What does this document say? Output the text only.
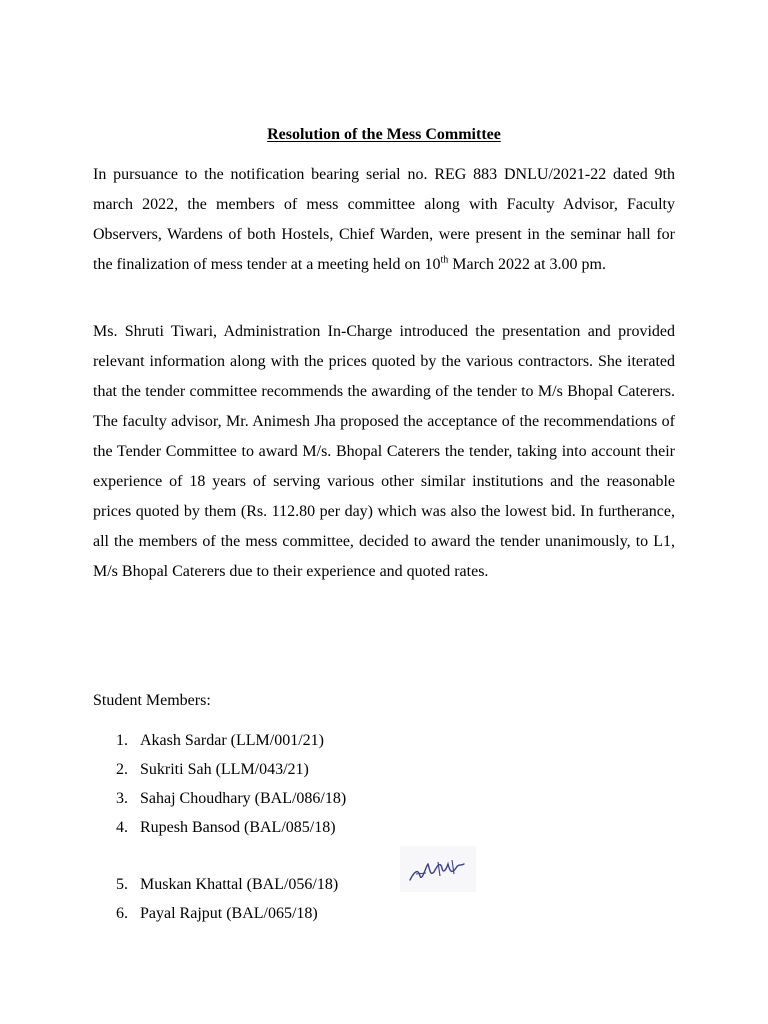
Resolution of the Mess Committee

In pursuance to the notification bearing serial no. REG 883 DNLU/2021-22 dated 9th march 2022, the members of mess committee along with Faculty Advisor, Faculty Observers, Wardens of both Hostels, Chief Warden, were present in the seminar hall for the finalization of mess tender at a meeting held on 10th March 2022 at 3.00 pm.

Ms. Shruti Tiwari, Administration In-Charge introduced the presentation and provided relevant information along with the prices quoted by the various contractors. She iterated that the tender committee recommends the awarding of the tender to M/s Bhopal Caterers. The faculty advisor, Mr. Animesh Jha proposed the acceptance of the recommendations of the Tender Committee to award M/s. Bhopal Caterers the tender, taking into account their experience of 18 years of serving various other similar institutions and the reasonable prices quoted by them (Rs. 112.80 per day) which was also the lowest bid. In furtherance, all the members of the mess committee, decided to award the tender unanimously, to L1, M/s Bhopal Caterers due to their experience and quoted rates.

Student Members:

1. Akash Sardar (LLM/001/21)

2. Sukriti Sah (LLM/043/21)

3. Sahaj Choudhary (BAL/086/18)

4. Rupesh Bansod (BAL/085/18)

5. Muskan Khattal (BAL/056/18)

6. Payal Rajput (BAL/065/18)
